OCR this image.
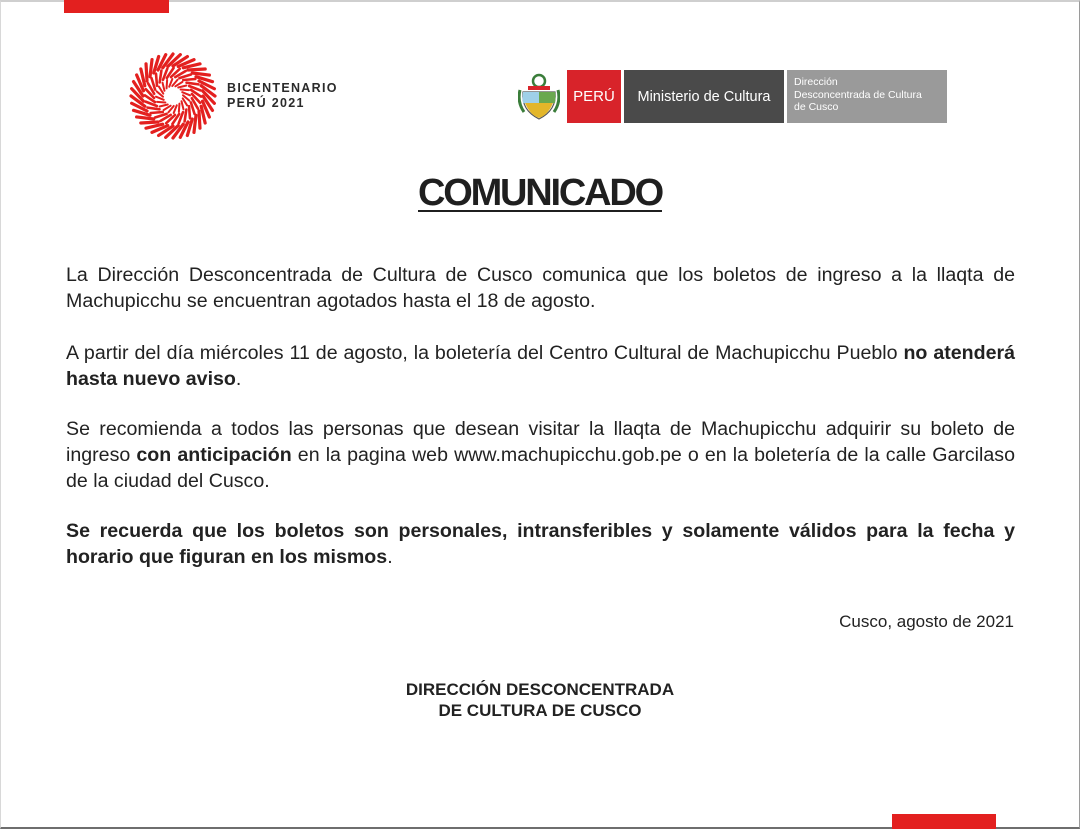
BICENTENARIO
PERÚ 2021	PERÚ Ministerio de Cultura
Dirección
Desconcentrada de Cultura
de Cusco
COMUNICADO

La Dirección Desconcentrada de Cultura de Cusco comunica que los boletos de ingreso a la llaqta de Machupicchu se encuentran agotados hasta el 18 de agosto.

A partir del día miércoles 11 de agosto, la boletería del Centro Cultural de Machupicchu Pueblo no atenderá hasta nuevo aviso.

Se recomienda a todos las personas que desean visitar la llaqta de Machupicchu adquirir su boleto de ingreso con anticipación en la pagina web www.machupicchu.gob.pe o en la boletería de la calle Garcilaso de la ciudad del Cusco.

Se recuerda que los boletos son personales, intransferibles y solamente válidos para la fecha y horario que figuran en los mismos.

Cusco, agosto de 2021
DIRECCIÓN DESCONCENTRADA
DE CULTURA DE CUSCO
